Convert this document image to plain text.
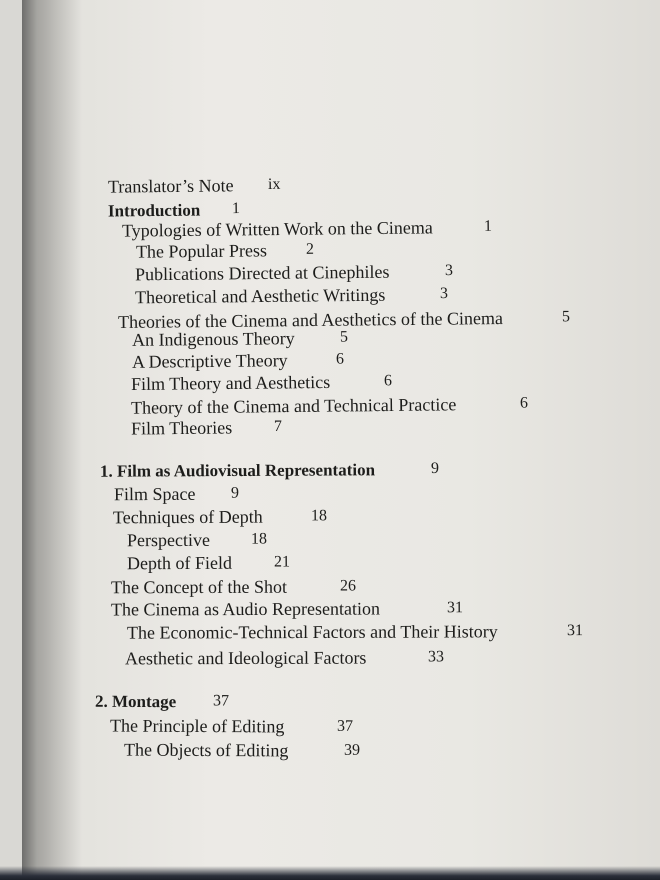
Translator’s Note ix
Introduction 1
Typologies of Written Work on the Cinema	1
The Popular Press 2
Publications Directed at Cinephiles	3
Theoretical and Aesthetic Writings	3
Theories of the Cinema and Aesthetics of the Cinema	5
An Indigenous Theory	5
A Descriptive Theory	6
Film Theory and Aesthetics	6
Theory of the Cinema and Technical Practice	6
Film Theories	7
1. Film as Audiovisual Representation	9
Film Space 9
Techniques of Depth	18
Perspective	18
Depth of Field	21
The Concept of the Shot	26
The Cinema as Audio Representation	31
The Economic-Technical Factors and Their History	31
Aesthetic and Ideological Factors	33
2. Montage 37
The Principle of Editing	37
The Objects of Editing	39
